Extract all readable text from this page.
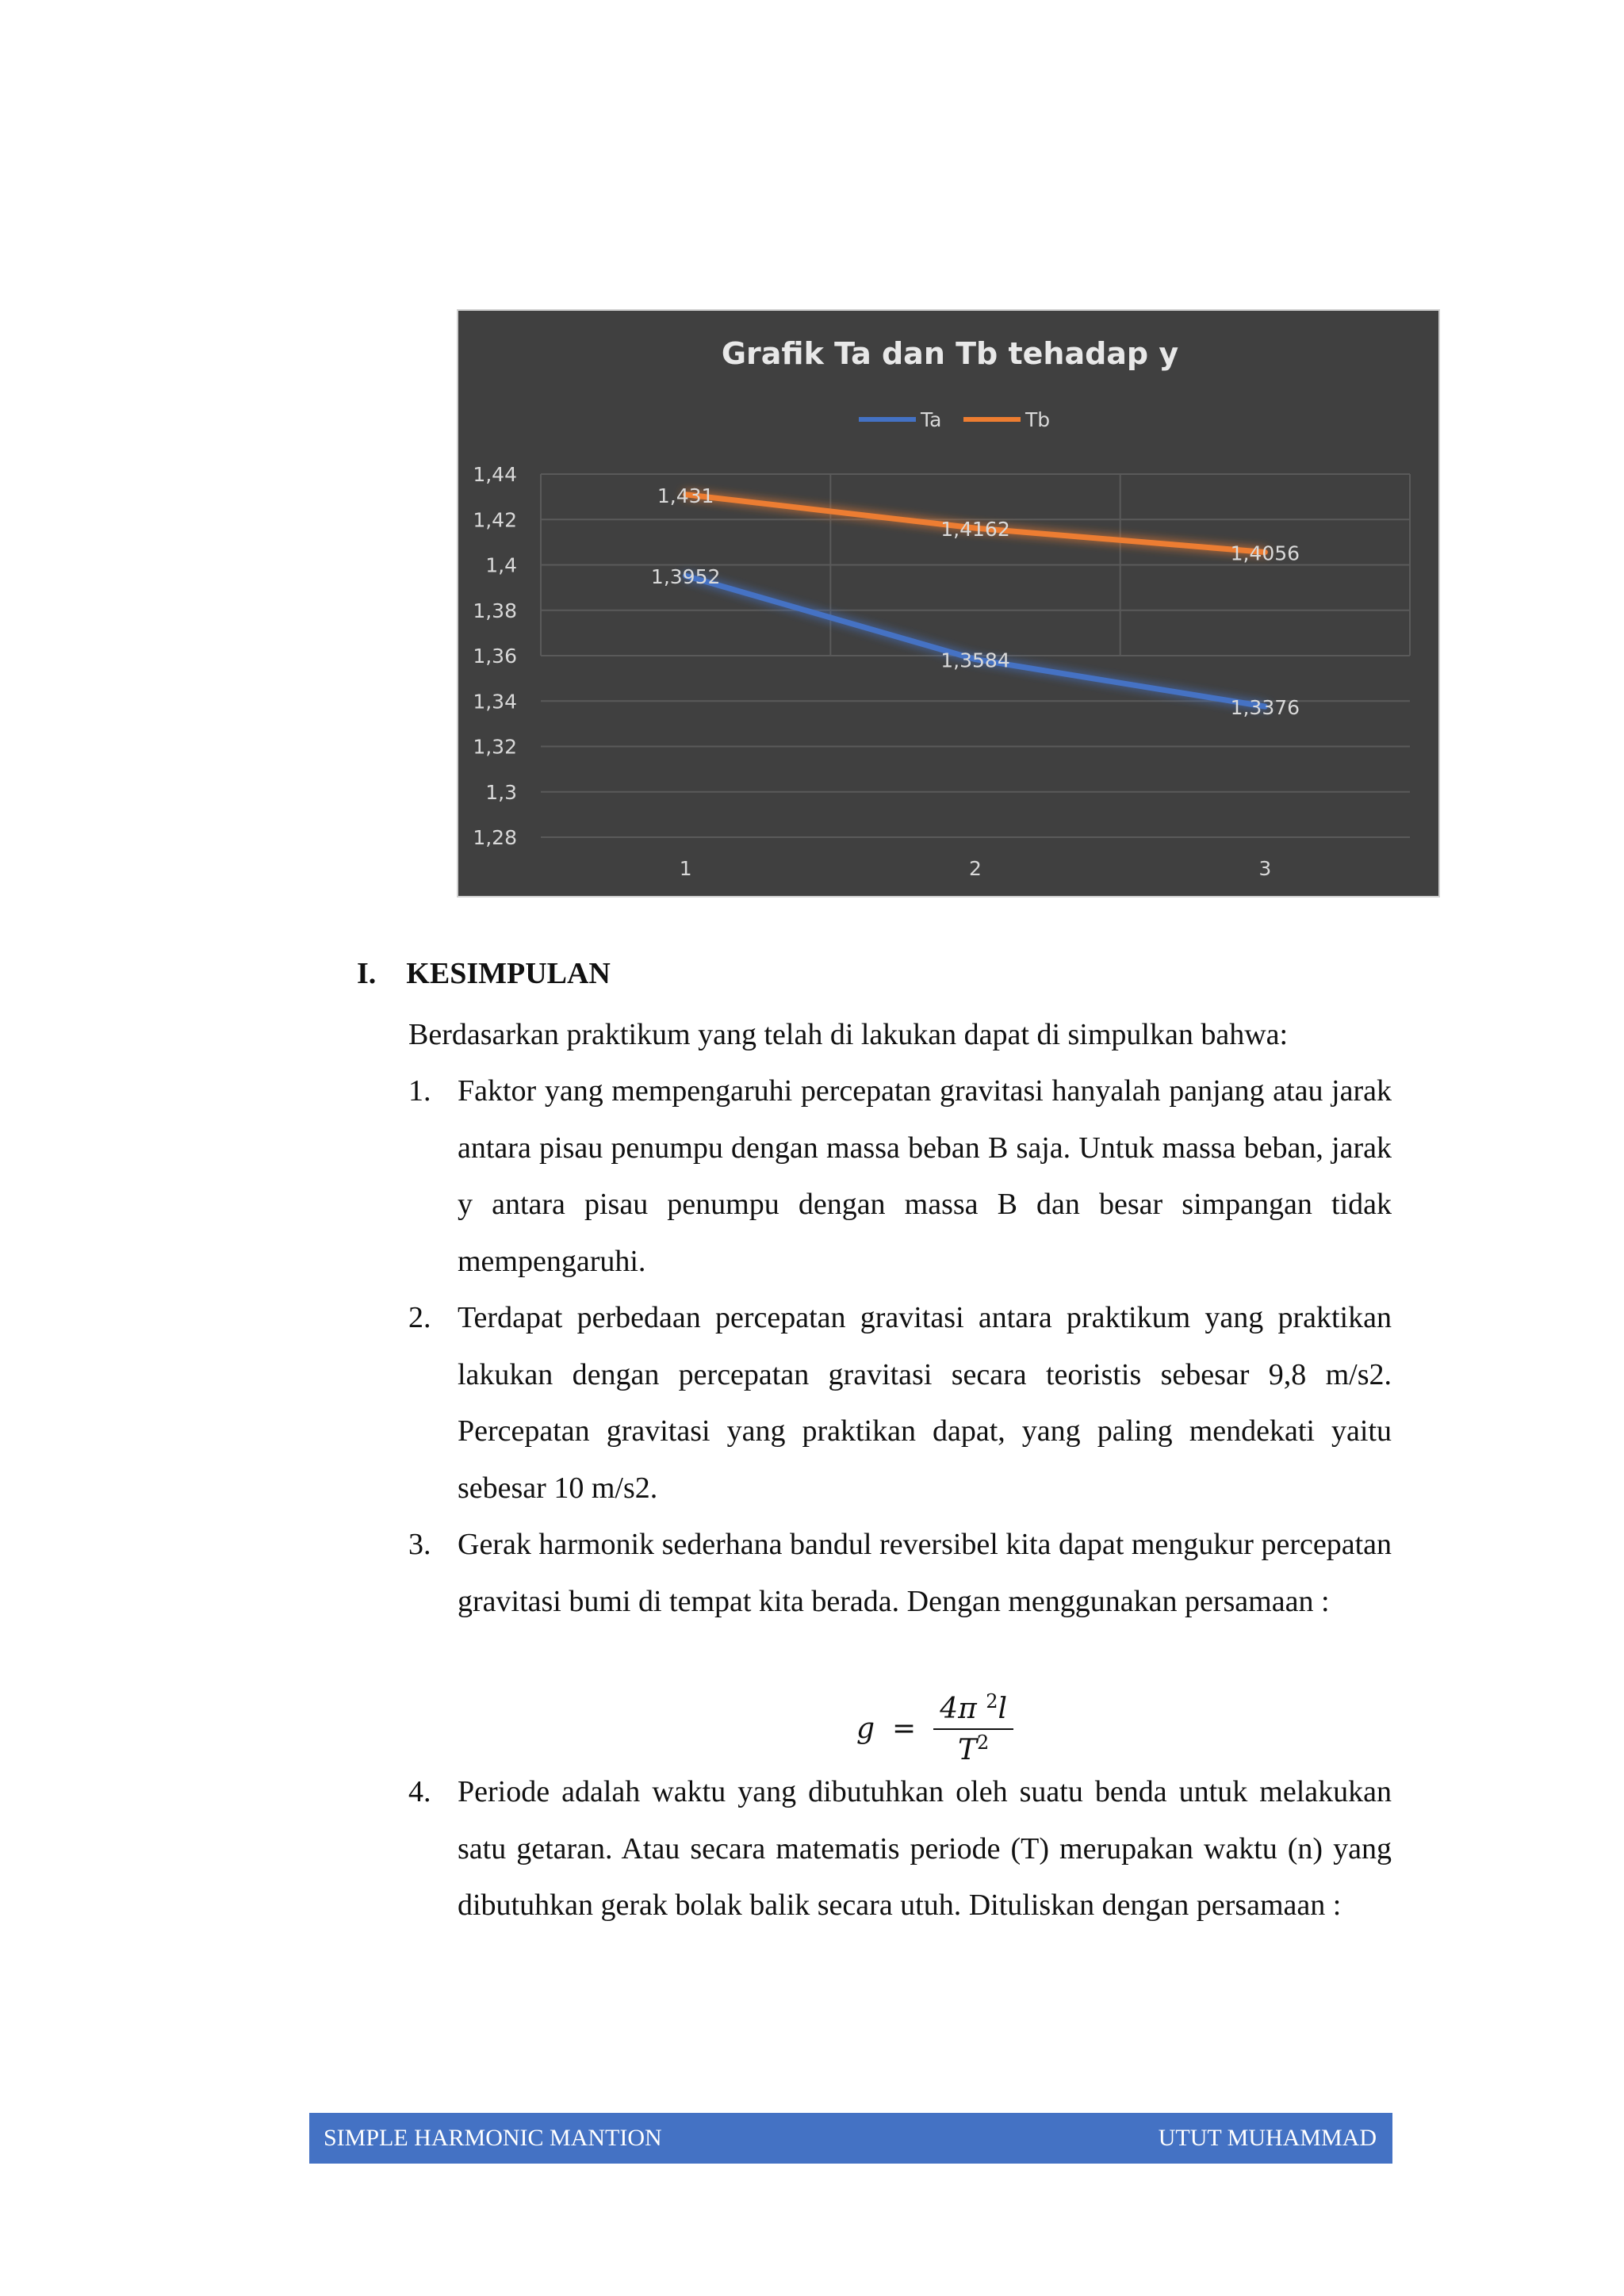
Grafik Ta dan Tb tehadap y
Ta	Tb
1,28
1,3
1,32
1,34
1,36
1,38
1,4
1,42
1,44
1	2	3
1,3952
1,3584
1,3376
1,431
1,4162
1,4056
I. KESIMPULAN
Berdasarkan praktikum yang telah di lakukan dapat di simpulkan bahwa:
1. Faktor yang mempengaruhi percepatan gravitasi hanyalah panjang atau jarak antara pisau penumpu dengan massa beban B saja. Untuk massa beban, jarak y antara pisau penumpu dengan massa B dan besar simpangan tidak mempengaruhi.
2. Terdapat perbedaan percepatan gravitasi antara praktikum yang praktikan lakukan dengan percepatan gravitasi secara teoristis sebesar 9,8 m/s2. Percepatan gravitasi yang praktikan dapat, yang paling mendekati yaitu sebesar 10 m/s2.
3. Gerak harmonik sederhana bandul reversibel kita dapat mengukur percepatan gravitasi bumi di tempat kita berada. Dengan menggunakan persamaan :
$g = \frac{4\pi ^2l}{T^2}$
4. Periode adalah waktu yang dibutuhkan oleh suatu benda untuk melakukan satu getaran. Atau secara matematis periode (T) merupakan waktu (n) yang dibutuhkan gerak bolak balik secara utuh. Dituliskan dengan persamaan :
SIMPLE HARMONIC MANTION	UTUT MUHAMMAD
